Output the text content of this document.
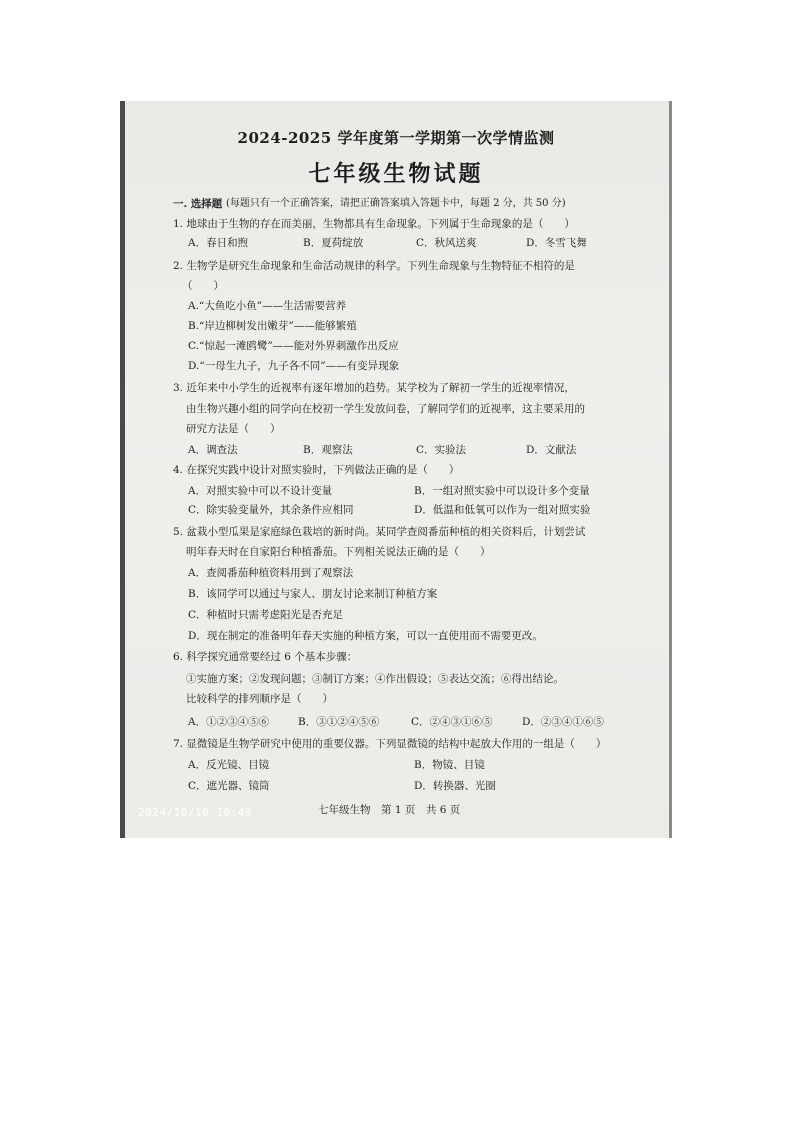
2024-2025 学年度第一学期第一次学情监测
七年级生物试题
一. 选择题 (每题只有一个正确答案，请把正确答案填入答题卡中，每题 2 分，共 50 分)
1. 地球由于生物的存在而美丽，生物都具有生命现象。下列属于生命现象的是（　　）
A．春日和煦	B．夏荷绽放	C．秋风送爽	D．冬雪飞舞
2. 生物学是研究生命现象和生命活动规律的科学。下列生命现象与生物特征不相符的是
（　　）
A.“大鱼吃小鱼”——生活需要营养
B.“岸边柳树发出嫩芽”——能够繁殖
C.“惊起一滩鸥鹭”——能对外界刺激作出反应
D.“一母生九子，九子各不同”——有变异现象
3. 近年来中小学生的近视率有逐年增加的趋势。某学校为了解初一学生的近视率情况，
由生物兴趣小组的同学向在校初一学生发放问卷，了解同学们的近视率，这主要采用的
研究方法是（　　）
A．调查法	B．观察法	C．实验法	D．文献法
4. 在探究实践中设计对照实验时，下列做法正确的是（　　）
A．对照实验中可以不设计变量	B．一组对照实验中可以设计多个变量
C．除实验变量外，其余条件应相同	D．低温和低氧可以作为一组对照实验
5. 盆栽小型瓜果是家庭绿色栽培的新时尚。某同学查阅番茄种植的相关资料后，计划尝试
明年春天时在自家阳台种植番茄。下列相关说法正确的是（　　）
A．查阅番茄种植资料用到了观察法
B．该同学可以通过与家人、朋友讨论来制订种植方案
C．种植时只需考虑阳光是否充足
D．现在制定的准备明年春天实施的种植方案，可以一直使用而不需要更改。
6. 科学探究通常要经过 6 个基本步骤：
①实施方案；②发现问题；③制订方案；④作出假设；⑤表达交流；⑥得出结论。
比较科学的排列顺序是（　　）
A．①②③④⑤⑥	B．③①②④⑤⑥	C．②④③①⑥⑤	D．②③④①⑥⑤
7. 显微镜是生物学研究中使用的重要仪器。下列显微镜的结构中起放大作用的一组是（　　）
A．反光镜、目镜	B．物镜、目镜
C．遮光器、镜筒	D．转换器、光圈
七年级生物　第 1 页　共 6 页
2024/10/10 10:49
